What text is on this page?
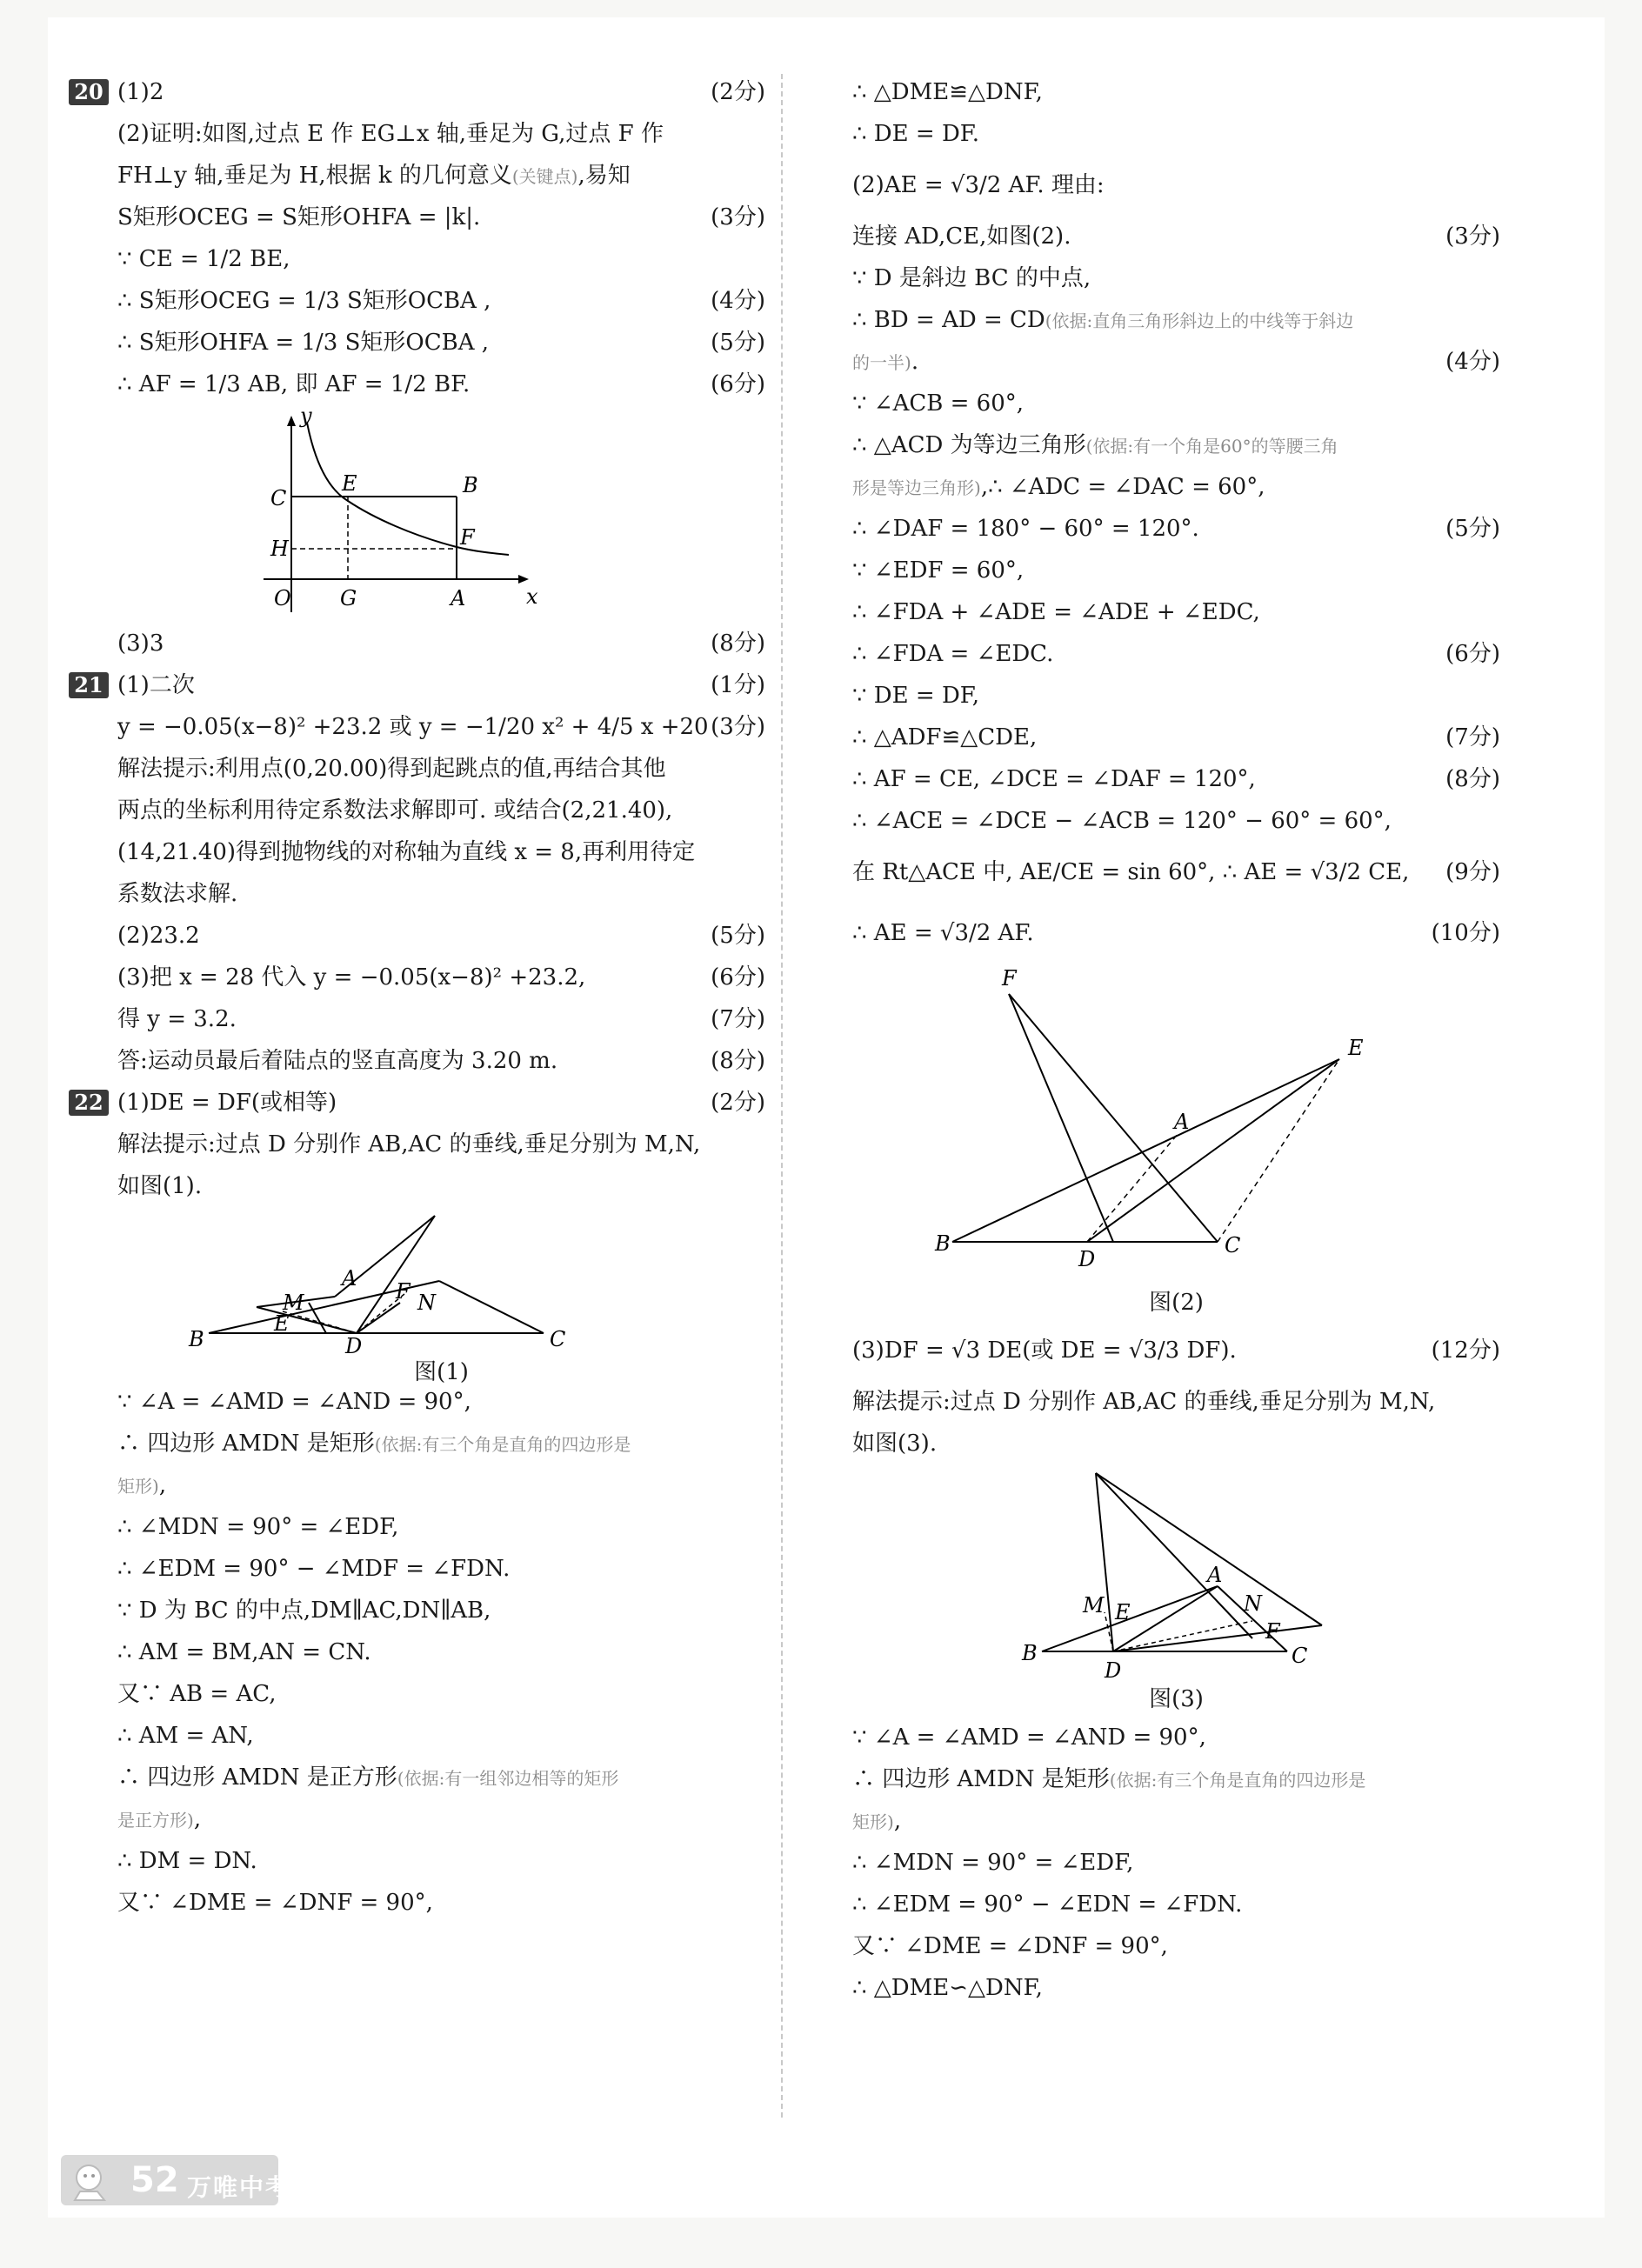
20 (1)2	(2分)
(2)证明:如图,过点 E 作 EG⊥x 轴,垂足为 G,过点 F 作
FH⊥y 轴,垂足为 H,根据 k 的几何意义(关键点),易知
S矩形OCEG = S矩形OHFA = |k|.	(3分)
∵ CE = 1/2 BE,
∴ S矩形OCEG = 1/3 S矩形OCBA ,	(4分)
∴ S矩形OHFA = 1/3 S矩形OCBA ,	(5分)
∴ AF = 1/3 AB, 即 AF = 1/2 BF.	(6分)
y
x
O
C
E	B
H	F
G	A
(3)3	(8分)
21 (1)二次	(1分)
y = −0.05(x−8)² +23.2 或 y = −1/20 x² + 4/5 x +20 (3分)
解法提示:利用点(0,20.00)得到起跳点的值,再结合其他
两点的坐标利用待定系数法求解即可. 或结合(2,21.40),
(14,21.40)得到抛物线的对称轴为直线 x = 8,再利用待定
系数法求解.
(2)23.2	(5分)
(3)把 x = 28 代入 y = −0.05(x−8)² +23.2,	(6分)
得 y = 3.2.	(7分)
答:运动员最后着陆点的竖直高度为 3.20 m.	(8分)
22 (1)DE = DF(或相等)	(2分)
解法提示:过点 D 分别作 AB,AC 的垂线,垂足分别为 M,N,
如图(1).
A
M	F N
E
B	D	C
图(1)
∵ ∠A = ∠AMD = ∠AND = 90°,
∴ 四边形 AMDN 是矩形(依据:有三个角是直角的四边形是
矩形),
∴ ∠MDN = 90° = ∠EDF,
∴ ∠EDM = 90° − ∠MDF = ∠FDN.
∵ D 为 BC 的中点,DM∥AC,DN∥AB,
∴ AM = BM,AN = CN.
又∵ AB = AC,
∴ AM = AN,
∴ 四边形 AMDN 是正方形(依据:有一组邻边相等的矩形
是正方形),
∴ DM = DN.
又∵ ∠DME = ∠DNF = 90°,
∴ △DME≌△DNF,
∴ DE = DF.
(2)AE = √3/2 AF. 理由:
连接 AD,CE,如图(2).	(3分)
∵ D 是斜边 BC 的中点,
∴ BD = AD = CD(依据:直角三角形斜边上的中线等于斜边
的一半).	(4分)
∵ ∠ACB = 60°,
∴ △ACD 为等边三角形(依据:有一个角是60°的等腰三角
形是等边三角形),∴ ∠ADC = ∠DAC = 60°,
∴ ∠DAF = 180° − 60° = 120°.	(5分)
∵ ∠EDF = 60°,
∴ ∠FDA + ∠ADE = ∠ADE + ∠EDC,
∴ ∠FDA = ∠EDC.	(6分)
∵ DE = DF,
∴ △ADF≌△CDE,	(7分)
∴ AF = CE, ∠DCE = ∠DAF = 120°,	(8分)
∴ ∠ACE = ∠DCE − ∠ACB = 120° − 60° = 60°,
在 Rt△ACE 中, AE/CE = sin 60°, ∴ AE = √3/2 CE, (9分)
∴ AE = √3/2 AF.	(10分)
F
E
A
B
D
C
图(2)
(3)DF = √3 DE(或 DE = √3/3 DF).	(12分)
解法提示:过点 D 分别作 AB,AC 的垂线,垂足分别为 M,N,
如图(3).
A
M E	N
F
B
D
C
图(3)
∵ ∠A = ∠AMD = ∠AND = 90°,
∴ 四边形 AMDN 是矩形(依据:有三个角是直角的四边形是
矩形),
∴ ∠MDN = 90° = ∠EDF,
∴ ∠EDM = 90° − ∠EDN = ∠FDN.
又∵ ∠DME = ∠DNF = 90°,
∴ △DME∽△DNF,
52 万唯中考
